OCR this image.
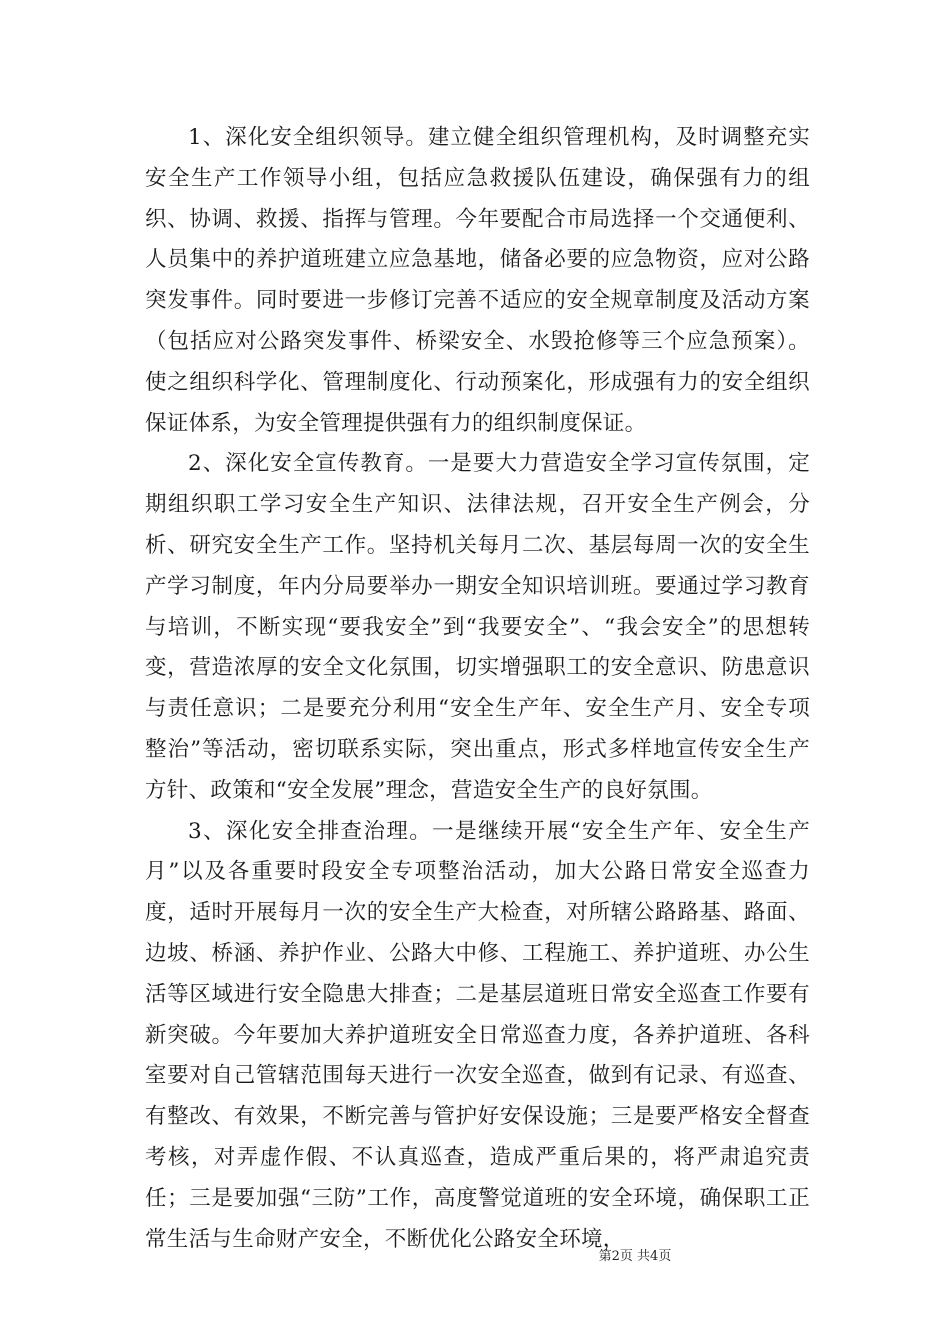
1、深化安全组织领导。建立健全组织管理机构，及时调整充实安全生产工作领导小组，包括应急救援队伍建设，确保强有力的组织、协调、救援、指挥与管理。今年要配合市局选择一个交通便利、人员集中的养护道班建立应急基地，储备必要的应急物资，应对公路突发事件。同时要进一步修订完善不适应的安全规章制度及活动方案（包括应对公路突发事件、桥梁安全、水毁抢修等三个应急预案）。使之组织科学化、管理制度化、行动预案化，形成强有力的安全组织保证体系，为安全管理提供强有力的组织制度保证。

2、深化安全宣传教育。一是要大力营造安全学习宣传氛围，定期组织职工学习安全生产知识、法律法规，召开安全生产例会，分析、研究安全生产工作。坚持机关每月二次、基层每周一次的安全生产学习制度，年内分局要举办一期安全知识培训班。要通过学习教育与培训，不断实现“要我安全”到“我要安全”、“我会安全”的思想转变，营造浓厚的安全文化氛围，切实增强职工的安全意识、防患意识与责任意识；二是要充分利用“安全生产年、安全生产月、安全专项整治”等活动，密切联系实际，突出重点，形式多样地宣传安全生产方针、政策和“安全发展”理念，营造安全生产的良好氛围。

3、深化安全排查治理。一是继续开展“安全生产年、安全生产月”以及各重要时段安全专项整治活动，加大公路日常安全巡查力度，适时开展每月一次的安全生产大检查，对所辖公路路基、路面、边坡、桥涵、养护作业、公路大中修、工程施工、养护道班、办公生活等区域进行安全隐患大排查；二是基层道班日常安全巡查工作要有新突破。今年要加大养护道班安全日常巡查力度，各养护道班、各科室要对自己管辖范围每天进行一次安全巡查，做到有记录、有巡查、有整改、有效果，不断完善与管护好安保设施；三是要严格安全督查考核，对弄虚作假、不认真巡查，造成严重后果的，将严肃追究责任；三是要加强“三防”工作，高度警觉道班的安全环境，确保职工正常生活与生命财产安全，不断优化公路安全环境，

第2页 共4页
